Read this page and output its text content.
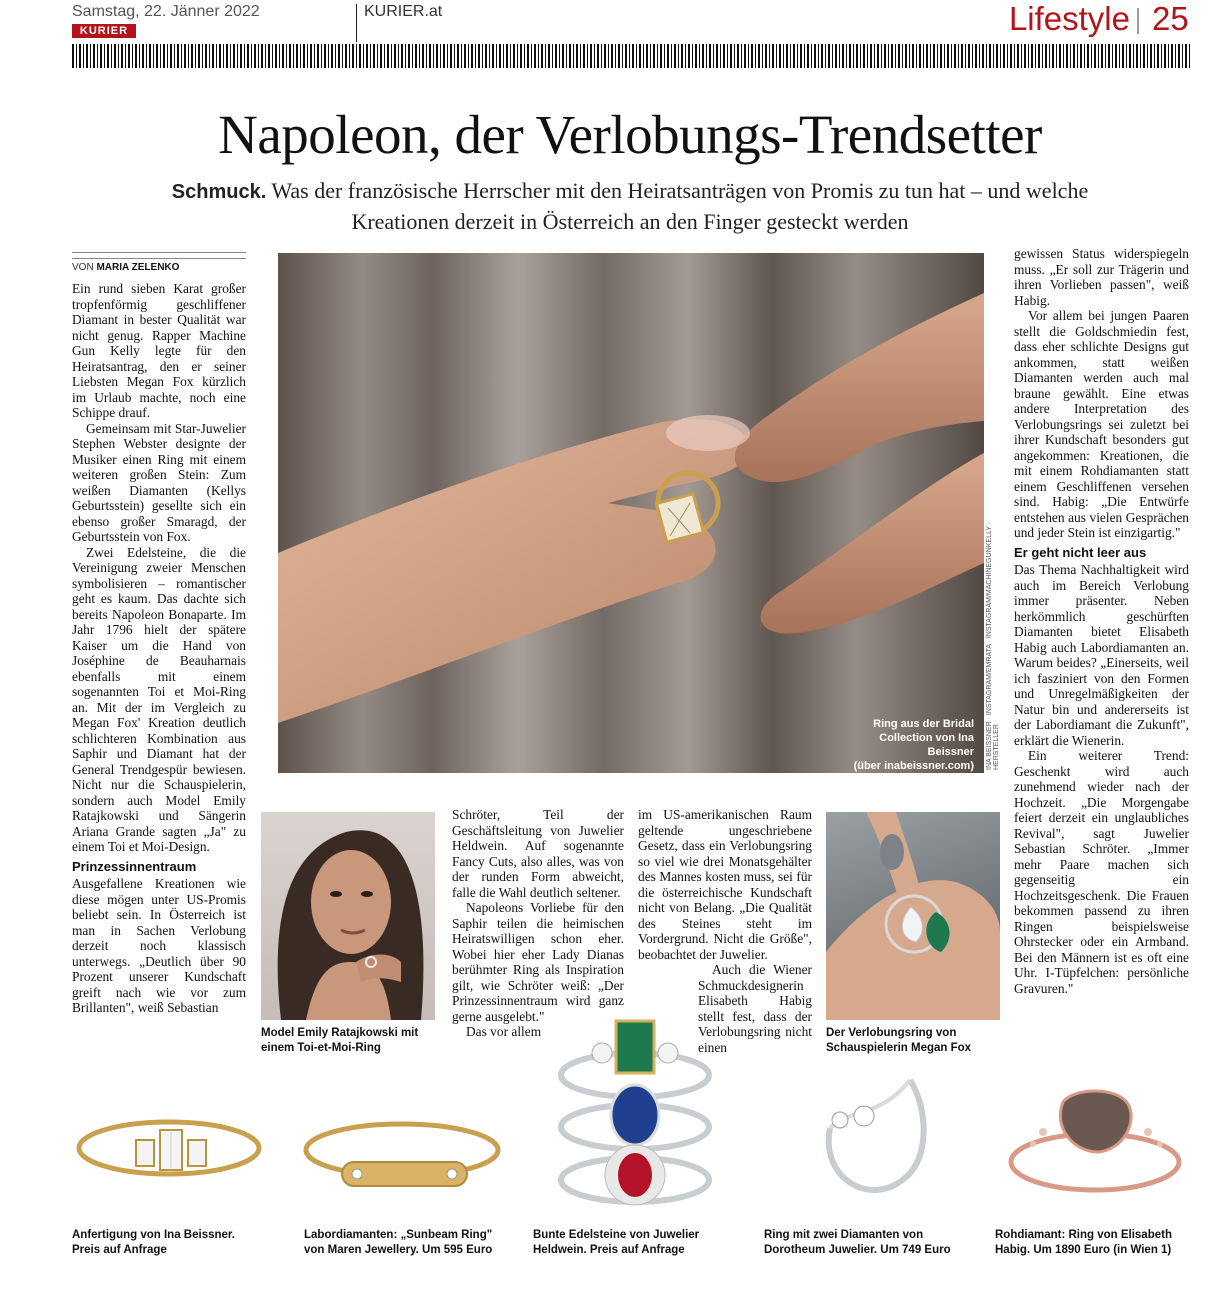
Samstag, 22. Jänner 2022
KURIER
KURIER.at	Lifestyle 25
Napoleon, der Verlobungs-Trendsetter
Schmuck. Was der französische Herrscher mit den Heiratsanträgen von Promis zu tun hat – und welche Kreationen derzeit in Österreich an den Finger gesteckt werden
VON MARIA ZELENKO

Ein rund sieben Karat großer tropfenförmig geschliffener Diamant in bester Qualität war nicht genug. Rapper Machine Gun Kelly legte für den Heiratsantrag, den er seiner Liebsten Megan Fox kürzlich im Urlaub machte, noch eine Schippe drauf.

Gemeinsam mit Star-Juwelier Stephen Webster designte der Musiker einen Ring mit einem weiteren großen Stein: Zum weißen Diamanten (Kellys Geburtsstein) gesellte sich ein ebenso großer Smaragd, der Geburtsstein von Fox.

Zwei Edelsteine, die die Vereinigung zweier Menschen symbolisieren – romantischer geht es kaum. Das dachte sich bereits Napoleon Bonaparte. Im Jahr 1796 hielt der spätere Kaiser um die Hand von Joséphine de Beauharnais ebenfalls mit einem sogenannten Toi et Moi-Ring an. Mit der im Vergleich zu Megan Fox' Kreation deutlich schlichteren Kombination aus Saphir und Diamant hat der General Trendgespür bewiesen. Nicht nur die Schauspielerin, sondern auch Model Emily Ratajkowski und Sängerin Ariana Grande sagten „Ja" zu einem Toi et Moi-Design.

Prinzessinnentraum

Ausgefallene Kreationen wie diese mögen unter US-Promis beliebt sein. In Österreich ist man in Sachen Verlobung derzeit noch klassisch unterwegs. „Deutlich über 90 Prozent unserer Kundschaft greift nach wie vor zum Brillanten", weiß Sebastian

INA BEISSNER · INSTAGRAM/EMRATA · INSTAGRAM/MACHINEGUNKELLY · HERSTELLER
Ring aus der Bridal Collection von Ina Beissner
(über inabeissner.com)
Model Emily Ratajkowski mit einem Toi-et-Moi-Ring

Schröter, Teil der Geschäftsleitung von Juwelier Heldwein. Auf sogenannte Fancy Cuts, also alles, was von der runden Form abweicht, falle die Wahl deutlich seltener.

Napoleons Vorliebe für den Saphir teilen die heimischen Heiratswilligen schon eher. Wobei hier eher Lady Dianas berühmter Ring als Inspiration gilt, wie Schröter weiß: „Der Prinzessinnentraum wird ganz gerne ausgelebt."

Das vor allem

im US-amerikanischen Raum geltende ungeschriebene Gesetz, dass ein Verlobungsring so viel wie drei Monatsgehälter des Mannes kosten muss, sei für die österreichische Kundschaft nicht von Belang. „Die Qualität des Steines steht im Vordergrund. Nicht die Größe", beobachtet der Juwelier.

Auch die Wiener Schmuckdesignerin Elisabeth Habig stellt fest, dass der Verlobungsring nicht einen

Der Verlobungsring von Schauspielerin Megan Fox

gewissen Status widerspiegeln muss. „Er soll zur Trägerin und ihren Vorlieben passen", weiß Habig.

Vor allem bei jungen Paaren stellt die Goldschmiedin fest, dass eher schlichte Designs gut ankommen, statt weißen Diamanten werden auch mal braune gewählt. Eine etwas andere Interpretation des Verlobungsrings sei zuletzt bei ihrer Kundschaft besonders gut angekommen: Kreationen, die mit einem Rohdiamanten statt einem Geschliffenen versehen sind. Habig: „Die Entwürfe entstehen aus vielen Gesprächen und jeder Stein ist einzigartig."

Er geht nicht leer aus

Das Thema Nachhaltigkeit wird auch im Bereich Verlobung immer präsenter. Neben herkömmlich geschürften Diamanten bietet Elisabeth Habig auch Labordiamanten an. Warum beides? „Einerseits, weil ich fasziniert von den Formen und Unregelmäßigkeiten der Natur bin und andererseits ist der Labordiamant die Zukunft", erklärt die Wienerin.

Ein weiterer Trend: Geschenkt wird auch zunehmend wieder nach der Hochzeit. „Die Morgengabe feiert derzeit ein unglaubliches Revival", sagt Juwelier Sebastian Schröter. „Immer mehr Paare machen sich gegenseitig ein Hochzeitsgeschenk. Die Frauen bekommen passend zu ihren Ringen beispielsweise Ohrstecker oder ein Armband. Bei den Männern ist es oft eine Uhr. I-Tüpfelchen: persönliche Gravuren."

Anfertigung von Ina Beissner. Preis auf Anfrage
Labordiamanten: „Sunbeam Ring" von Maren Jewellery. Um 595 Euro
Bunte Edelsteine von Juwelier Heldwein. Preis auf Anfrage
Ring mit zwei Diamanten von Dorotheum Juwelier. Um 749 Euro
Rohdiamant: Ring von Elisabeth Habig. Um 1890 Euro (in Wien 1)
